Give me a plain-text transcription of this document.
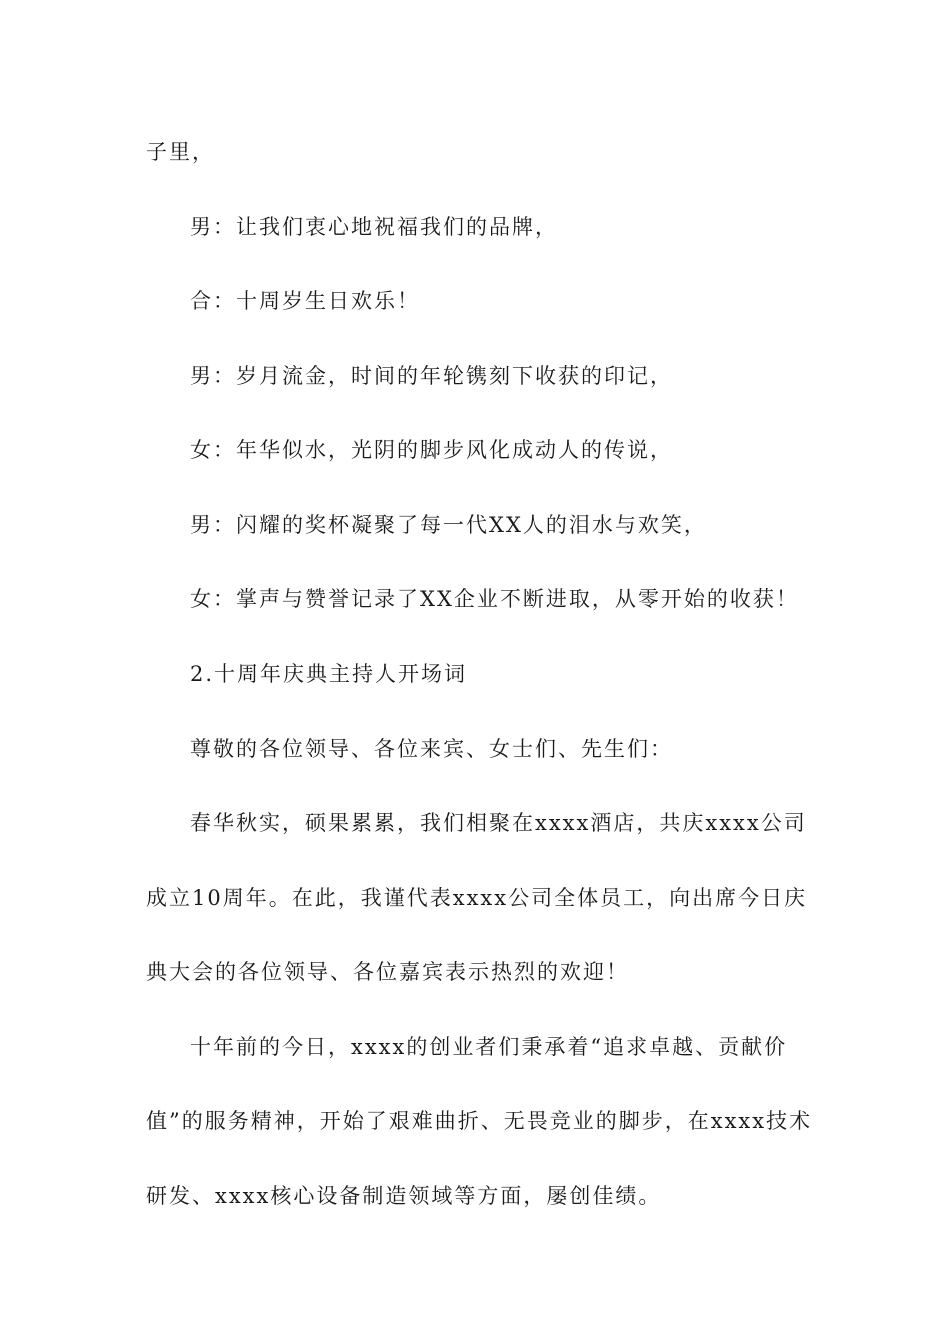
子里，
男：让我们衷心地祝福我们的品牌，
合：十周岁生日欢乐！
男：岁月流金，时间的年轮镌刻下收获的印记，
女：年华似水，光阴的脚步风化成动人的传说，
男：闪耀的奖杯凝聚了每一代XX人的泪水与欢笑，
女：掌声与赞誉记录了XX企业不断进取，从零开始的收获！
2.十周年庆典主持人开场词
尊敬的各位领导、各位来宾、女士们、先生们：
春华秋实，硕果累累，我们相聚在xxxx酒店，共庆xxxx公司
成立10周年。在此，我谨代表xxxx公司全体员工，向出席今日庆
典大会的各位领导、各位嘉宾表示热烈的欢迎！
十年前的今日，xxxx的创业者们秉承着“追求卓越、贡献价
值”的服务精神，开始了艰难曲折、无畏竞业的脚步，在xxxx技术
研发、xxxx核心设备制造领域等方面，屡创佳绩。
